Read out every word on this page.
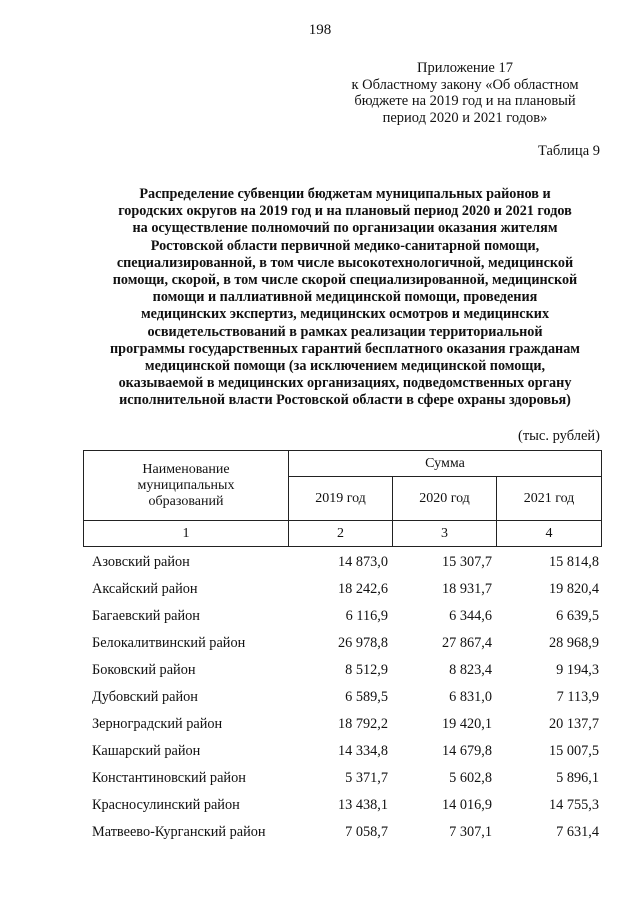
198
Приложение 17
к Областному закону «Об областном
бюджете на 2019 год и на плановый
период 2020 и 2021 годов»
Таблица 9
Распределение субвенции бюджетам муниципальных районов и
городских округов на 2019 год и на плановый период 2020 и 2021 годов
на осуществление полномочий по организации оказания жителям
Ростовской области первичной медико-санитарной помощи,
специализированной, в том числе высокотехнологичной, медицинской
помощи, скорой, в том числе скорой специализированной, медицинской
помощи и паллиативной медицинской помощи, проведения
медицинских экспертиз, медицинских осмотров и медицинских
освидетельствований в рамках реализации территориальной
программы государственных гарантий бесплатного оказания гражданам
медицинской помощи (за исключением медицинской помощи,
оказываемой в медицинских организациях, подведомственных органу
исполнительной власти Ростовской области в сфере охраны здоровья)
(тыс. рублей)
Наименование
муниципальных
образований	Сумма		
	2019 год	2020 год	2021 год
1	2	3	4
Азовский район	14 873,0	15 307,7	15 814,8
Аксайский район	18 242,6	18 931,7	19 820,4
Багаевский район	6 116,9	6 344,6	6 639,5
Белокалитвинский район	26 978,8	27 867,4	28 968,9
Боковский район	8 512,9	8 823,4	9 194,3
Дубовский район	6 589,5	6 831,0	7 113,9
Зерноградский район	18 792,2	19 420,1	20 137,7
Кашарский район	14 334,8	14 679,8	15 007,5
Константиновский район	5 371,7	5 602,8	5 896,1
Красносулинский район	13 438,1	14 016,9	14 755,3
Матвеево-Курганский район	7 058,7	7 307,1	7 631,4
